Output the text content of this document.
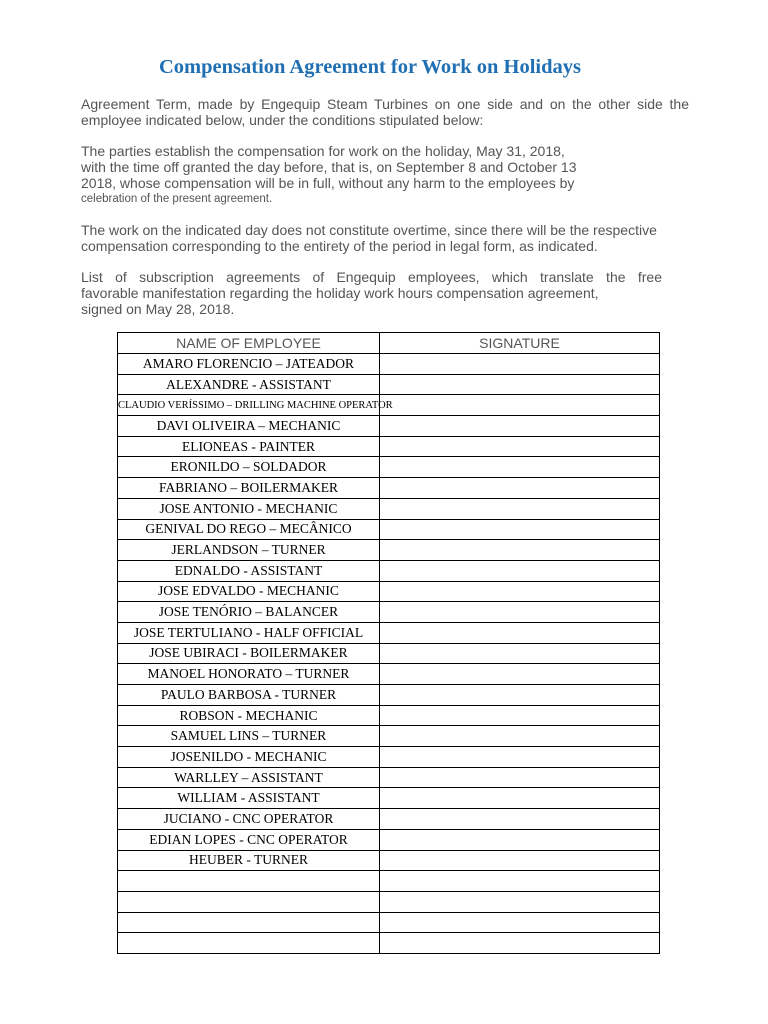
Compensation Agreement for Work on Holidays
Agreement Term, made by Engequip Steam Turbines on one side and on the other side the
employee indicated below, under the conditions stipulated below:
The parties establish the compensation for work on the holiday, May 31, 2018,
with the time off granted the day before, that is, on September 8 and October 13
2018, whose compensation will be in full, without any harm to the employees by
celebration of the present agreement.
The work on the indicated day does not constitute overtime, since there will be the respective
compensation corresponding to the entirety of the period in legal form, as indicated.
List of subscription agreements of Engequip employees, which translate the free
favorable manifestation regarding the holiday work hours compensation agreement,
signed on May 28, 2018.
NAME OF EMPLOYEE	SIGNATURE
AMARO FLORENCIO – JATEADOR	
ALEXANDRE - ASSISTANT	
CLAUDIO VERÍSSIMO – DRILLING MACHINE OPERATOR	
DAVI OLIVEIRA – MECHANIC	
ELIONEAS - PAINTER	
ERONILDO – SOLDADOR	
FABRIANO – BOILERMAKER	
JOSE ANTONIO - MECHANIC	
GENIVAL DO REGO – MECÂNICO	
JERLANDSON – TURNER	
EDNALDO - ASSISTANT	
JOSE EDVALDO - MECHANIC	
JOSE TENÓRIO – BALANCER	
JOSE TERTULIANO - HALF OFFICIAL	
JOSE UBIRACI - BOILERMAKER	
MANOEL HONORATO – TURNER	
PAULO BARBOSA - TURNER	
ROBSON - MECHANIC	
SAMUEL LINS – TURNER	
JOSENILDO - MECHANIC	
WARLLEY – ASSISTANT	
WILLIAM - ASSISTANT	
JUCIANO - CNC OPERATOR	
EDIAN LOPES - CNC OPERATOR	
HEUBER - TURNER	
